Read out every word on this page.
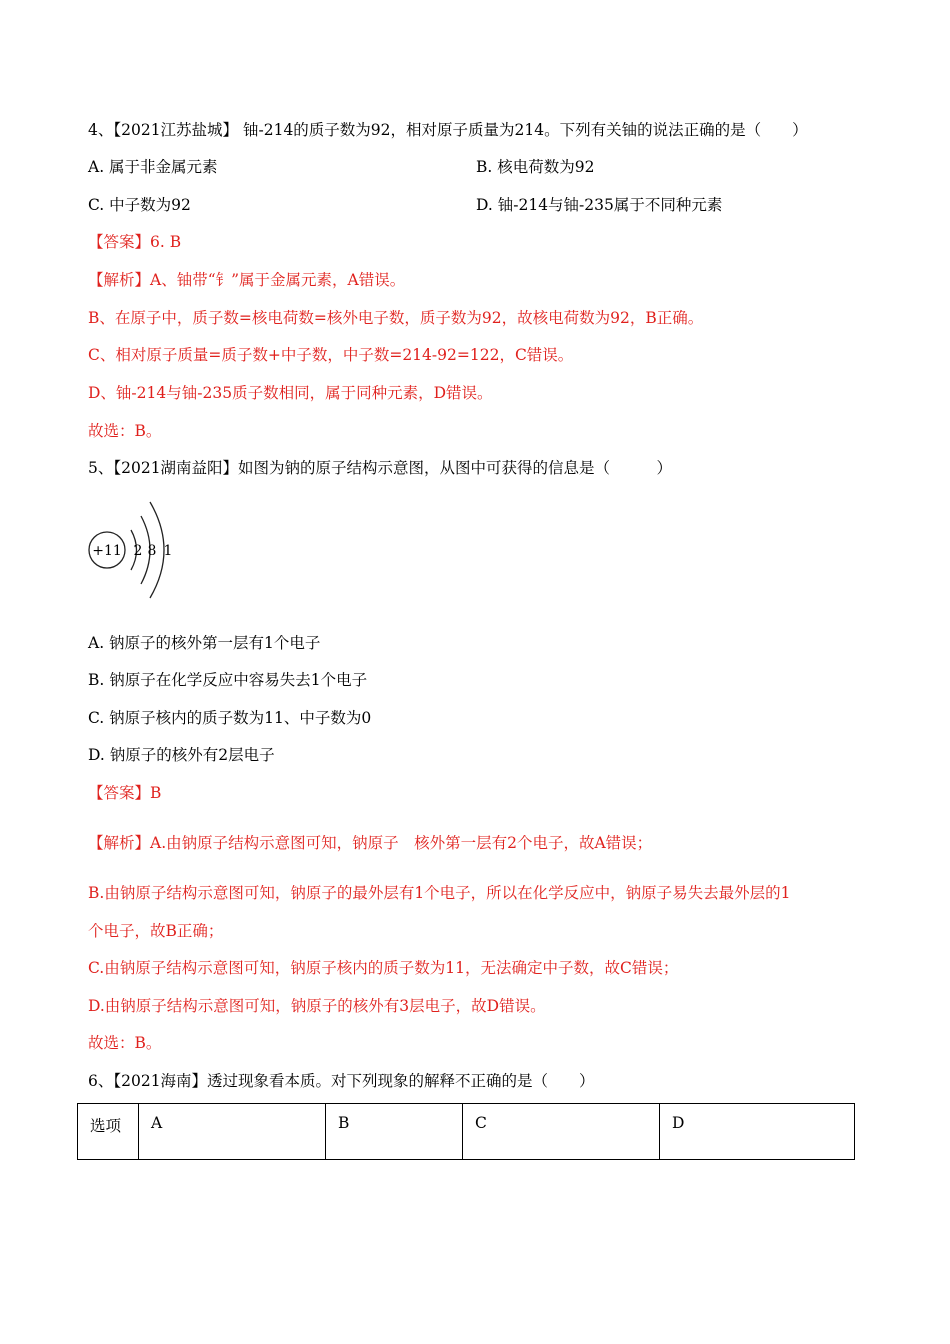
4、【2021江苏盐城】 铀-214的质子数为92，相对原子质量为214。下列有关铀的说法正确的是（　　）
A. 属于非金属元素	B. 核电荷数为92
C. 中子数为92	D. 铀-214与铀-235属于不同种元素
【答案】6. B
【解析】A、铀带“钅”属于金属元素，A错误。
B、在原子中，质子数=核电荷数=核外电子数，质子数为92，故核电荷数为92，B正确。
C、相对原子质量=质子数+中子数，中子数=214-92=122，C错误。
D、铀-214与铀-235质子数相同，属于同种元素，D错误。
故选：B。
5、【2021湖南益阳】如图为钠的原子结构示意图，从图中可获得的信息是（　　　）
+11 2 8 1
A. 钠原子的核外第一层有1个电子
B. 钠原子在化学反应中容易失去1个电子
C. 钠原子核内的质子数为11、中子数为0
D. 钠原子的核外有2层电子
【答案】B
【解析】A.由钠原子结构示意图可知，钠原子　核外第一层有2个电子，故A错误；
B.由钠原子结构示意图可知，钠原子的最外层有1个电子，所以在化学反应中，钠原子易失去最外层的1
个电子，故B正确；
C.由钠原子结构示意图可知，钠原子核内的质子数为11，无法确定中子数，故C错误；
D.由钠原子结构示意图可知，钠原子的核外有3层电子，故D错误。
故选：B。
6、【2021海南】透过现象看本质。对下列现象的解释不正确的是（　　）
选项	A	B	C	D
